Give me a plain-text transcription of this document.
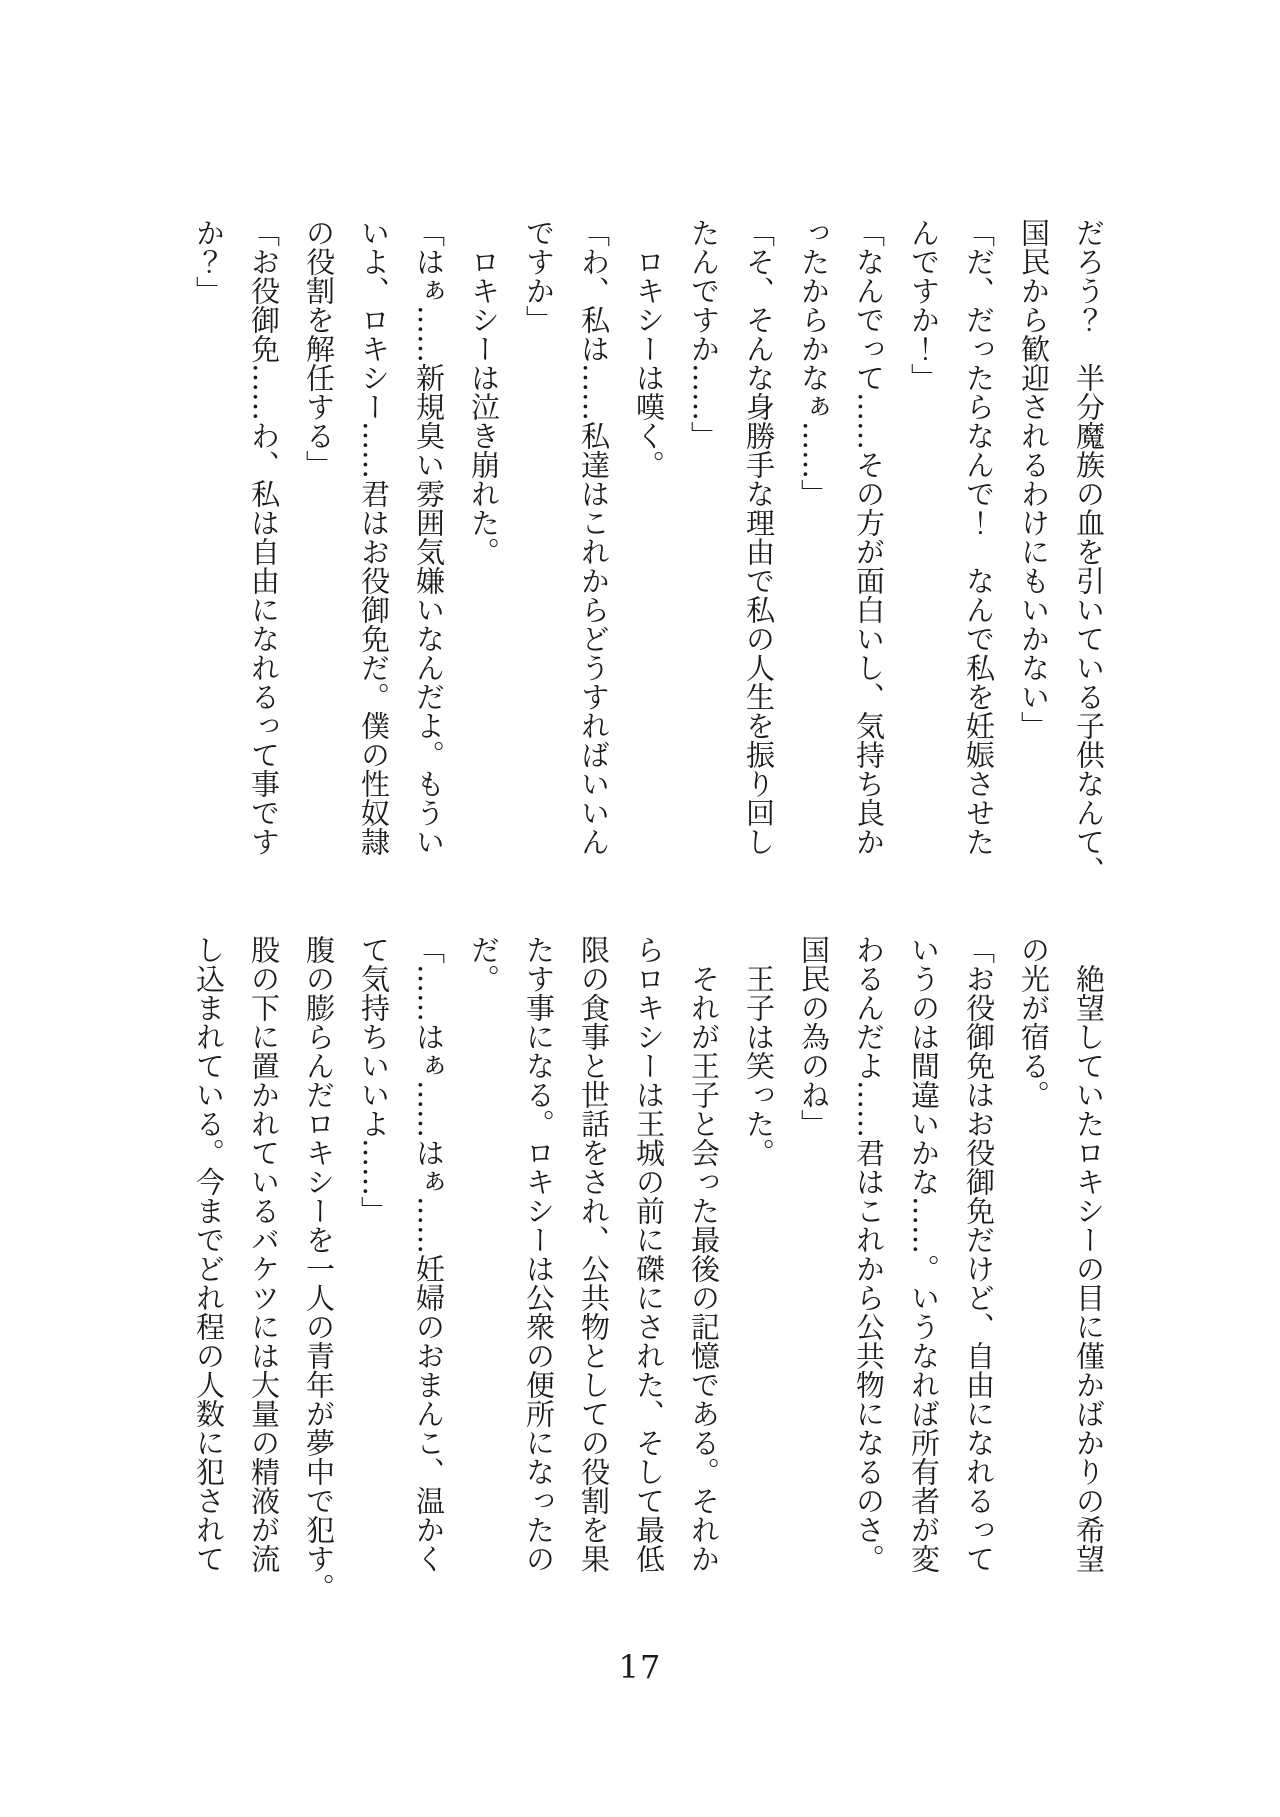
だろう？　半分魔族の血を引いている子供なんて、
国民から歓迎されるわけにもいかない」
「だ、だったらなんで！　なんで私を妊娠させた
んですか！」
「なんでって……その方が面白いし、気持ち良か
ったからかなぁ……」
「そ、そんな身勝手な理由で私の人生を振り回し
たんですか……」
　ロキシーは嘆く。
「わ、私は……私達はこれからどうすればいいん
ですか」
　ロキシーは泣き崩れた。
「はぁ……新規臭い雰囲気嫌いなんだよ。もうい
いよ、ロキシー……君はお役御免だ。僕の性奴隷
の役割を解任する」
「お役御免……わ、私は自由になれるって事です
か？」
　絶望していたロキシーの目に僅かばかりの希望
の光が宿る。
「お役御免はお役御免だけど、自由になれるって
いうのは間違いかな……。いうなれば所有者が変
わるんだよ……君はこれから公共物になるのさ。
国民の為のね」
　王子は笑った。
　それが王子と会った最後の記憶である。それか
らロキシーは王城の前に磔にされた、そして最低
限の食事と世話をされ、公共物としての役割を果
たす事になる。ロキシーは公衆の便所になったの
だ。
「……はぁ……はぁ……妊婦のおまんこ、温かく
て気持ちいいよ……」
腹の膨らんだロキシーを一人の青年が夢中で犯す。
股の下に置かれているバケツには大量の精液が流
し込まれている。今までどれ程の人数に犯されて
17
